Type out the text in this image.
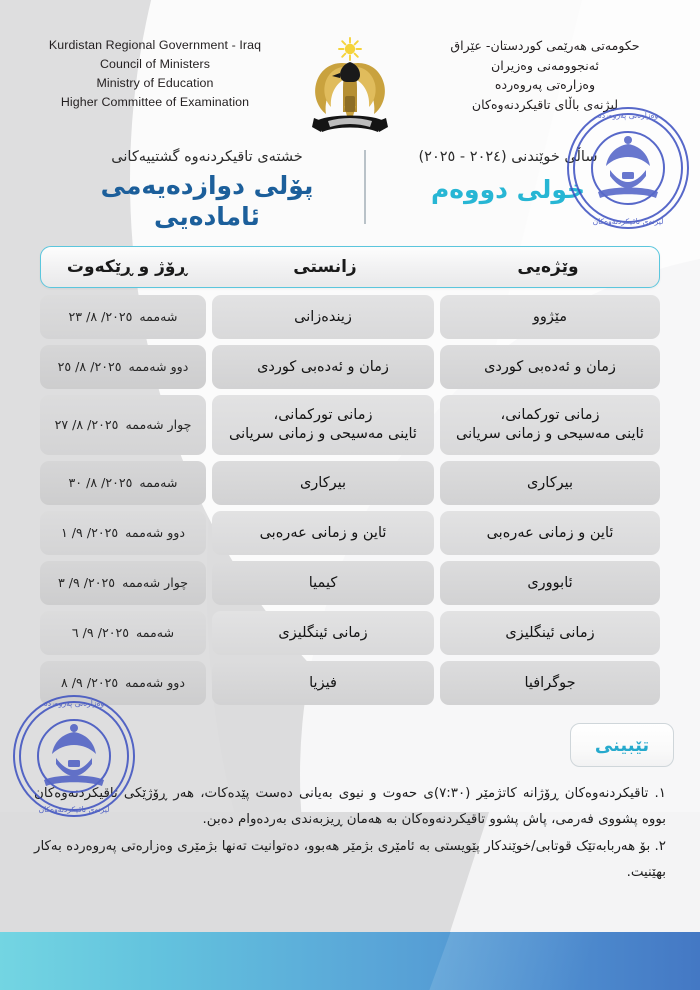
حکومەتی هەرێمی کوردستان- عێراق
ئەنجوومەنی وەزیران
وەزارەتی پەروەردە
لیژنەی باڵای تاقیکردنەوەکان
Kurdistan Regional Government - Iraq
Council of Ministers
Ministry of Education
Higher Committee of Examination
وەزارەتی پەروەردە
لیژنەی تاقیکردنەوەکان
وەزارەتی پەروەردە
لیژنەی تاقیکردنەوەکان
ساڵی خوێندنی (٢٠٢٤ - ٢٠٢٥)
خولی دووەم
خشتەی تاقیکردنەوە گشتییەکانی
پۆلی دوازدەیەمی ئامادەیی
وێژەیی
زانستی
ڕۆژ و ڕێکەوت
مێژوو
زیندەزانی
شەممە
٢٠٢٥/ ٨/ ٢٣
زمان و ئەدەبی کوردی
زمان و ئەدەبی کوردی
دوو شەممە
٢٠٢٥/ ٨/ ٢٥
زمانی تورکمانی،
ئاینی مەسیحی و زمانی سریانی
زمانی تورکمانی،
ئاینی مەسیحی و زمانی سریانی
چوار شەممە
٢٠٢٥/ ٨/ ٢٧
بیرکاری
بیرکاری
شەممە
٢٠٢٥/ ٨/ ٣٠
ئاین و زمانی عەرەبی
ئاین و زمانی عەرەبی
دوو شەممە
٢٠٢٥/ ٩/ ١
ئابووری
کیمیا
چوار شەممە
٢٠٢٥/ ٩/ ٣
زمانی ئینگلیزی
زمانی ئینگلیزی
شەممە
٢٠٢٥/ ٩/ ٦
جوگرافیا
فیزیا
دوو شەممە
٢٠٢٥/ ٩/ ٨
تێبینی
١. تاقیکردنەوەکان ڕۆژانە کاتژمێر (٧:٣٠)ی حەوت و نیوی بەیانی دەست پێدەکات، هەر ڕۆژێکی تاقیکردنەوەکان بووە پشووی فەرمی، پاش پشوو تاقیکردنەوەکان بە هەمان ڕیزبەندی بەردەوام دەبن.
٢. بۆ هەربابەتێک قوتابی/خوێندکار پێویستی بە ئامێری بژمێر هەبوو، دەتوانیت تەنها بژمێری وەزارەتی پەروەردە بەکار بهێنیت.
